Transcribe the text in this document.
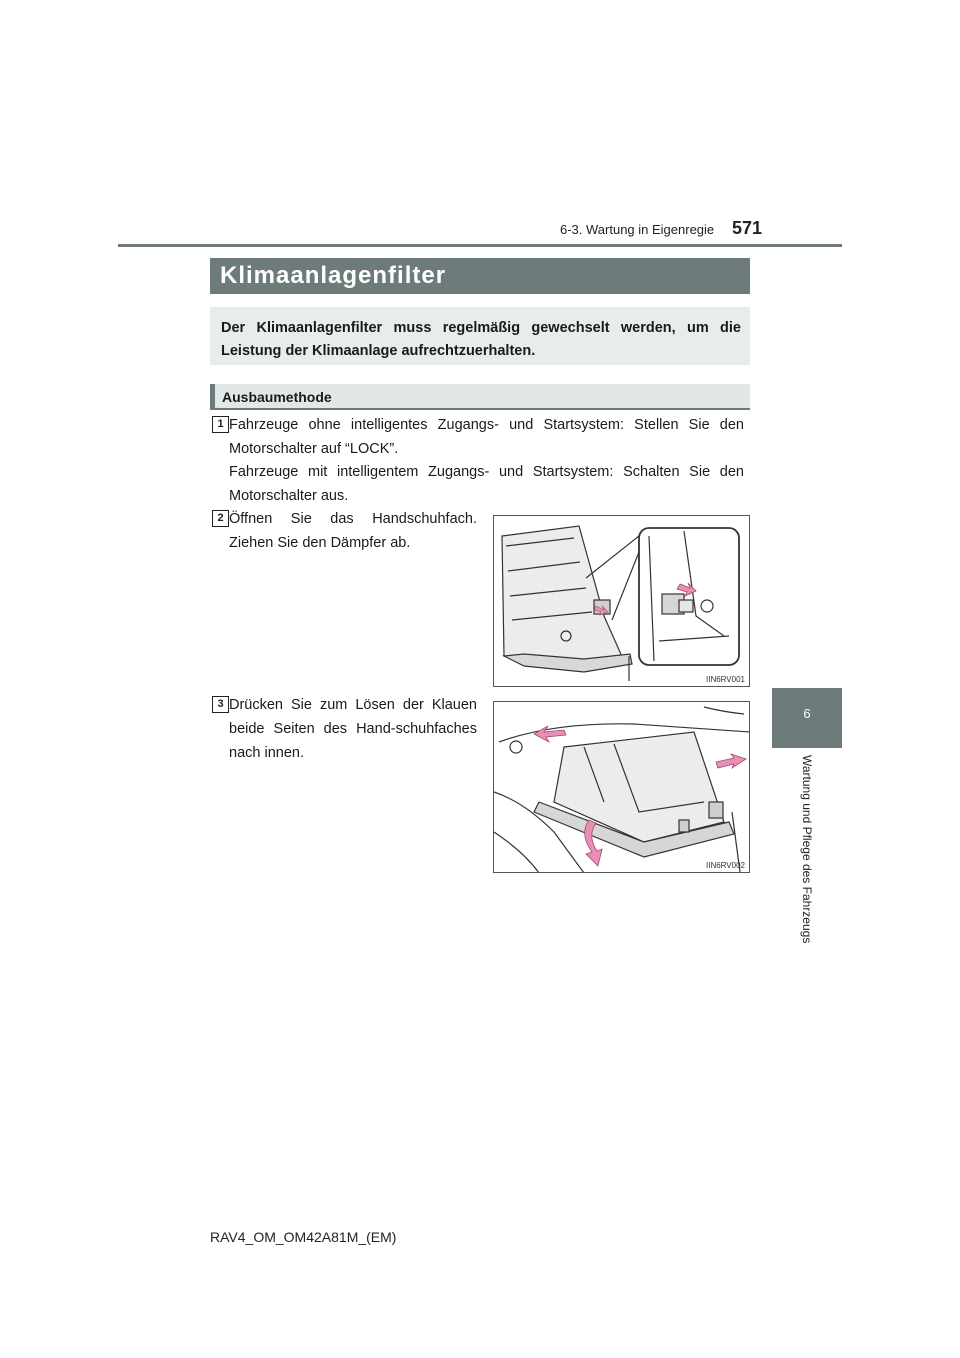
6-3. Wartung in Eigenregie 571
6
Wartung und Pflege des Fahrzeugs
Klimaanlagenfilter
Der Klimaanlagenfilter muss regelmäßig gewechselt werden, um die Leistung der Klimaanlage aufrechtzuerhalten.
Ausbaumethode
1 Fahrzeuge ohne intelligentes Zugangs- und Startsystem: Stellen Sie den Motorschalter auf “LOCK”.
Fahrzeuge mit intelligentem Zugangs- und Startsystem: Schalten Sie den Motorschalter aus.
2 Öffnen Sie das Handschuhfach. Ziehen Sie den Dämpfer ab.
IIN6RV001
3 Drücken Sie zum Lösen der Klauen beide Seiten des Hand-schuhfaches nach innen.
IIN6RV002
RAV4_OM_OM42A81M_(EM)
